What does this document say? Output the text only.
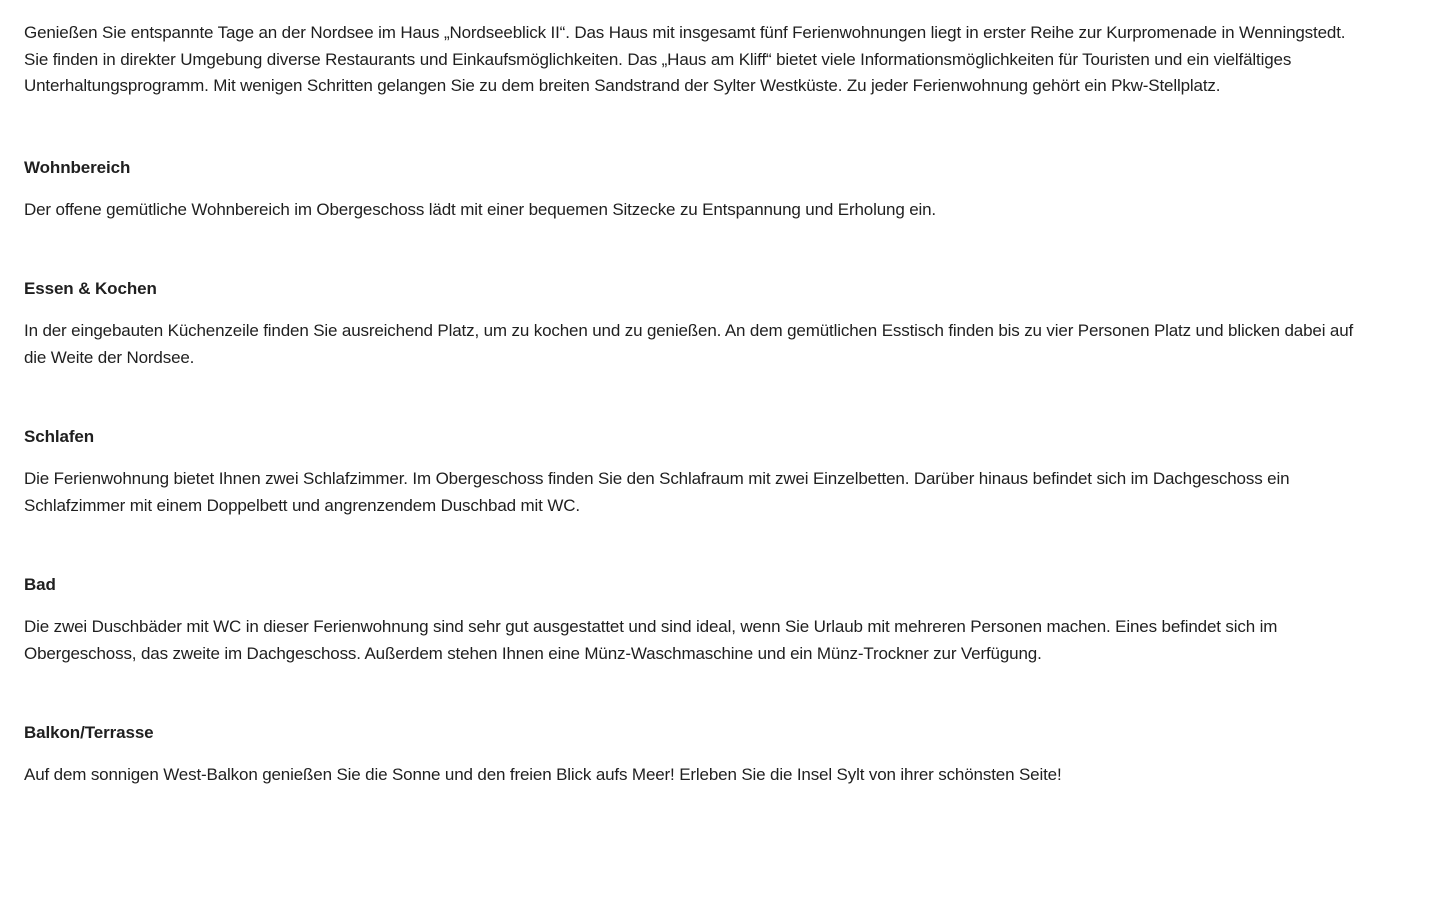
Genießen Sie entspannte Tage an der Nordsee im Haus „Nordseeblick II“. Das Haus mit insgesamt fünf Ferienwohnungen liegt in erster Reihe zur Kurpromenade in Wenningstedt. Sie finden in direkter Umgebung diverse Restaurants und Einkaufsmöglichkeiten. Das „Haus am Kliff“ bietet viele Informationsmöglichkeiten für Touristen und ein vielfältiges Unterhaltungsprogramm. Mit wenigen Schritten gelangen Sie zu dem breiten Sandstrand der Sylter Westküste. Zu jeder Ferienwohnung gehört ein Pkw-Stellplatz.

Wohnbereich

Der offene gemütliche Wohnbereich im Obergeschoss lädt mit einer bequemen Sitzecke zu Entspannung und Erholung ein.

Essen & Kochen

In der eingebauten Küchenzeile finden Sie ausreichend Platz, um zu kochen und zu genießen. An dem gemütlichen Esstisch finden bis zu vier Personen Platz und blicken dabei auf die Weite der Nordsee.

Schlafen

Die Ferienwohnung bietet Ihnen zwei Schlafzimmer. Im Obergeschoss finden Sie den Schlafraum mit zwei Einzelbetten. Darüber hinaus befindet sich im Dachgeschoss ein Schlafzimmer mit einem Doppelbett und angrenzendem Duschbad mit WC.

Bad

Die zwei Duschbäder mit WC in dieser Ferienwohnung sind sehr gut ausgestattet und sind ideal, wenn Sie Urlaub mit mehreren Personen machen. Eines befindet sich im Obergeschoss, das zweite im Dachgeschoss. Außerdem stehen Ihnen eine Münz-Waschmaschine und ein Münz-Trockner zur Verfügung.

Balkon/Terrasse

Auf dem sonnigen West-Balkon genießen Sie die Sonne und den freien Blick aufs Meer! Erleben Sie die Insel Sylt von ihrer schönsten Seite!
